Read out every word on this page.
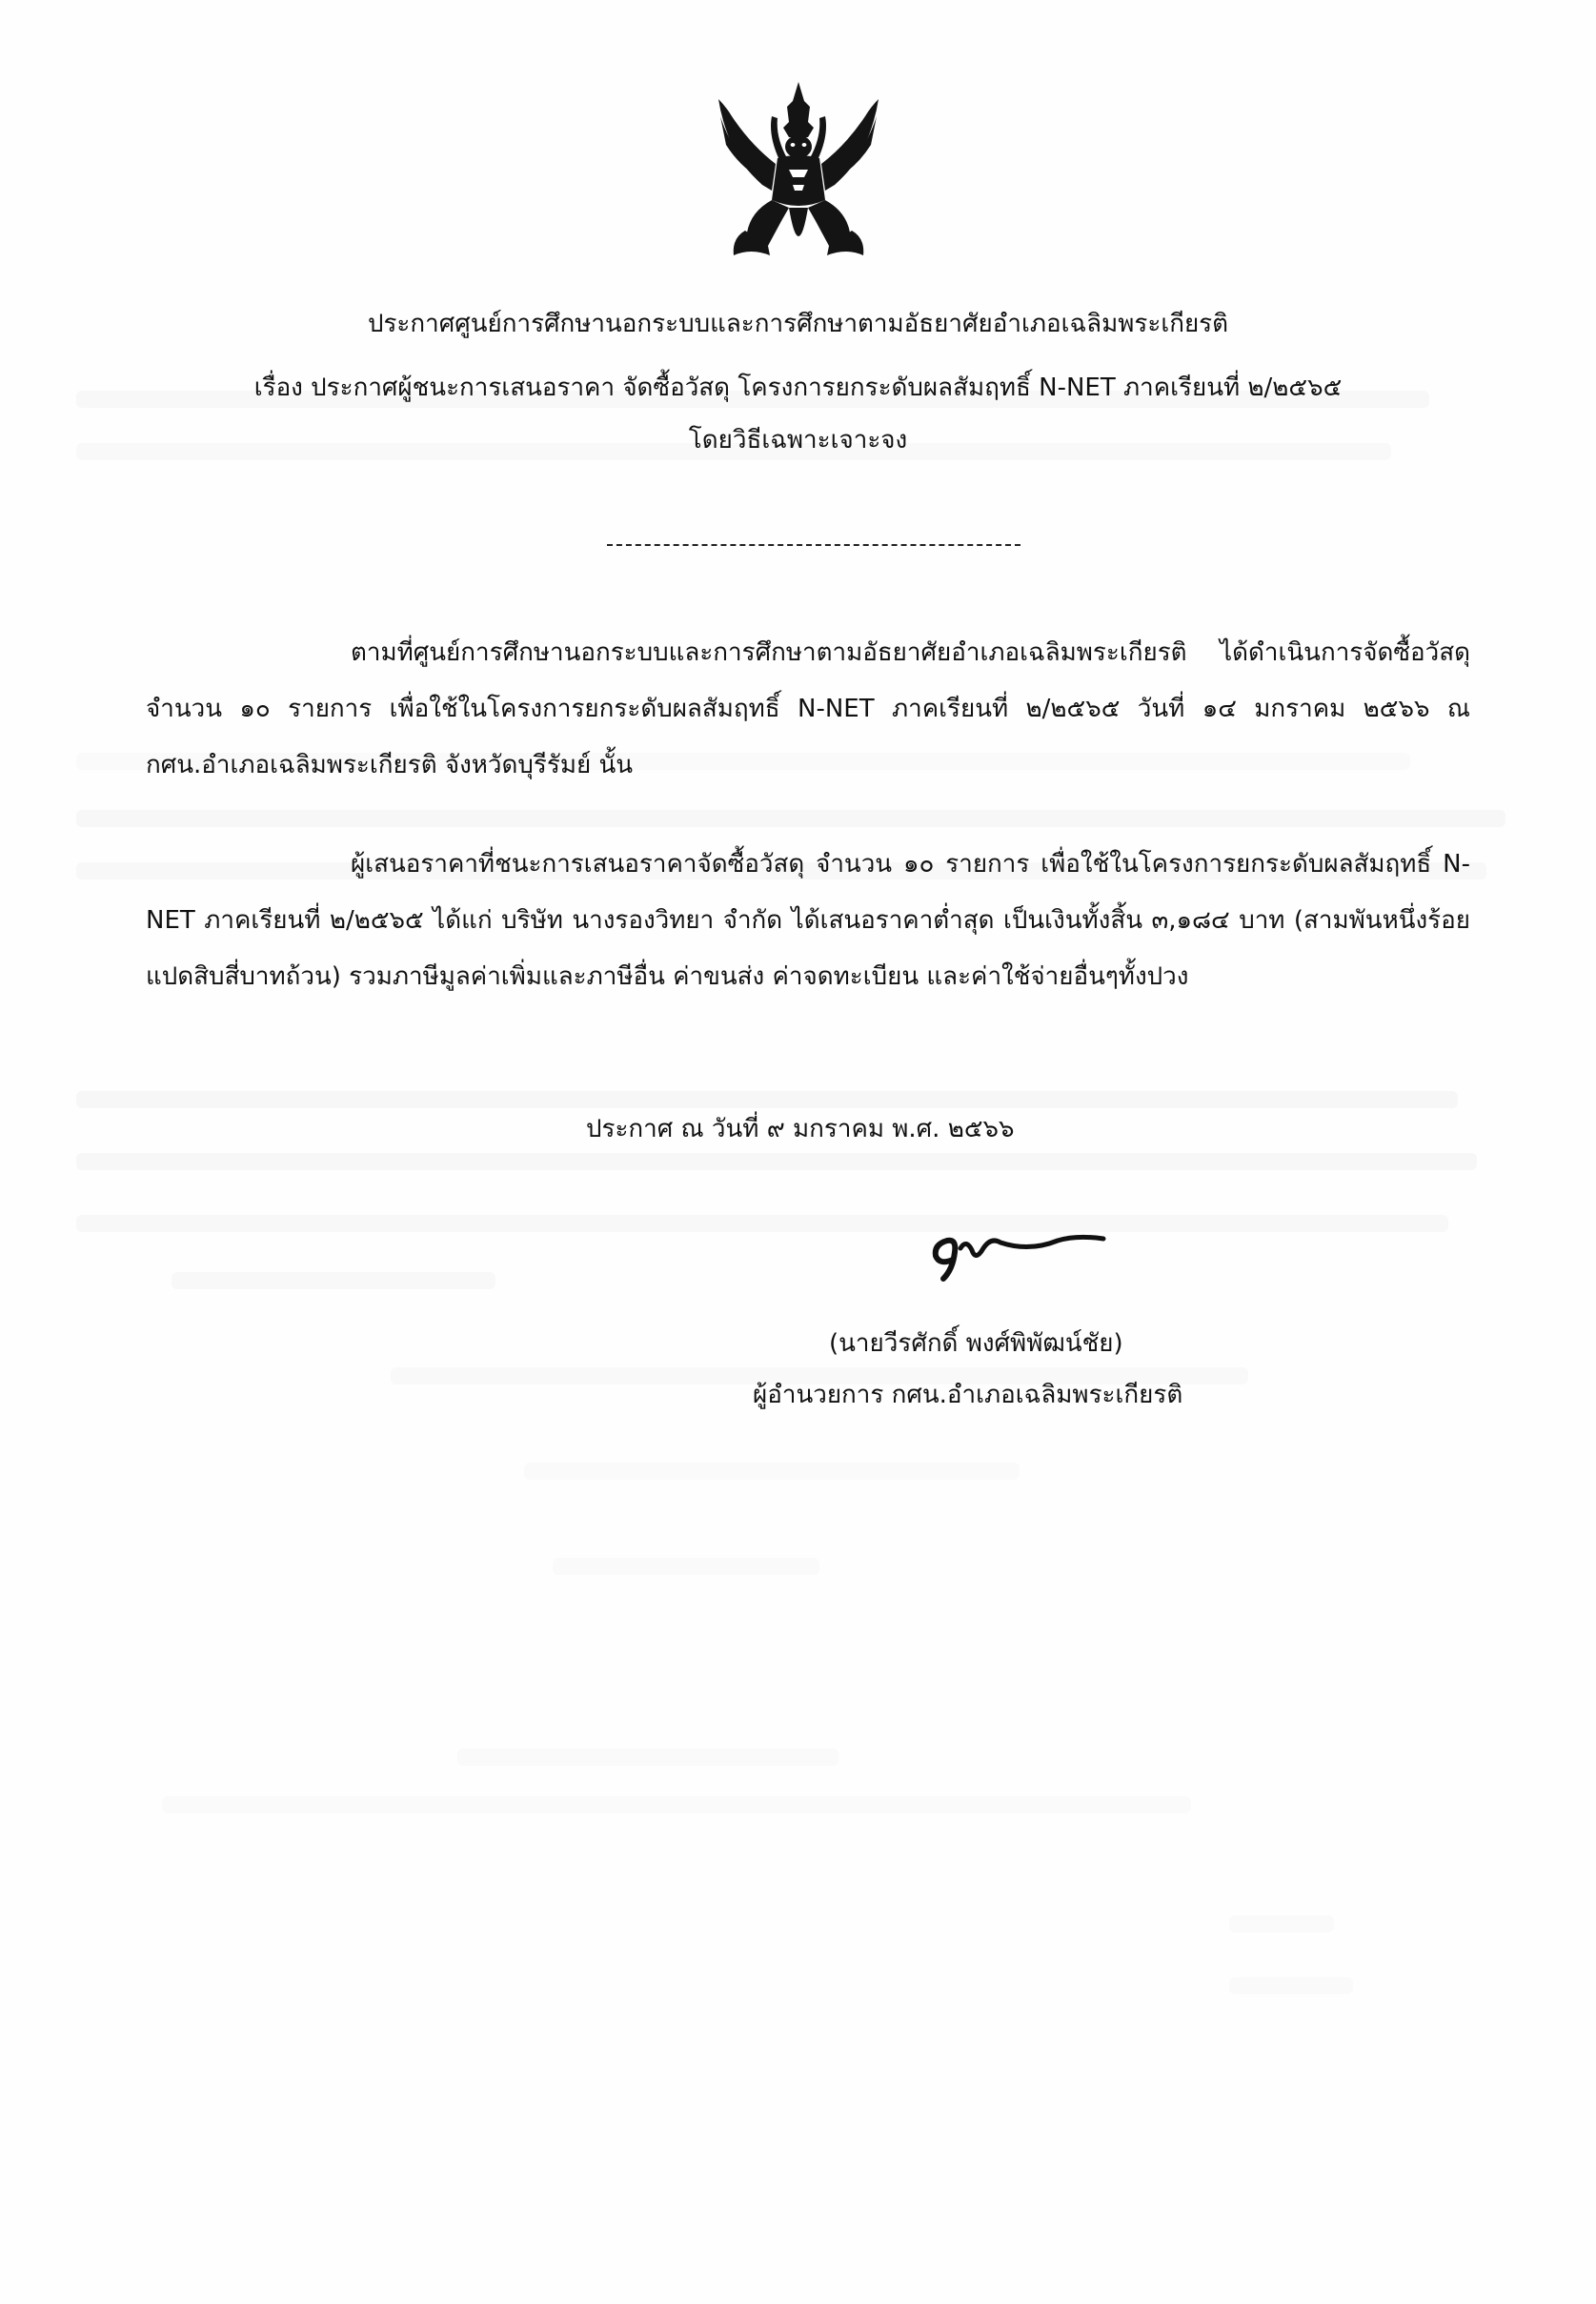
ประกาศศูนย์การศึกษานอกระบบและการศึกษาตามอัธยาศัยอำเภอเฉลิมพระเกียรติ
เรื่อง ประกาศผู้ชนะการเสนอราคา จัดซื้อวัสดุ โครงการยกระดับผลสัมฤทธิ์ N-NET ภาคเรียนที่ ๒/๒๕๖๕
โดยวิธีเฉพาะเจาะจง
ตามที่ศูนย์การศึกษานอกระบบและการศึกษาตามอัธยาศัยอำเภอเฉลิมพระเกียรติ ได้ดำเนินการจัดซื้อวัสดุ จำนวน ๑๐ รายการ เพื่อใช้ในโครงการยกระดับผลสัมฤทธิ์ N-NET ภาคเรียนที่ ๒/๒๕๖๕ วันที่ ๑๔ มกราคม ๒๕๖๖ ณ กศน.อำเภอเฉลิมพระเกียรติ จังหวัดบุรีรัมย์ นั้น
ผู้เสนอราคาที่ชนะการเสนอราคาจัดซื้อวัสดุ จำนวน ๑๐ รายการ เพื่อใช้ในโครงการยกระดับผลสัมฤทธิ์ N-NET ภาคเรียนที่ ๒/๒๕๖๕ ได้แก่ บริษัท นางรองวิทยา จำกัด ได้เสนอราคาต่ำสุด เป็นเงินทั้งสิ้น ๓,๑๘๔ บาท (สามพันหนึ่งร้อยแปดสิบสี่บาทถ้วน) รวมภาษีมูลค่าเพิ่มและภาษีอื่น ค่าขนส่ง ค่าจดทะเบียน และค่าใช้จ่ายอื่นๆทั้งปวง
ประกาศ ณ วันที่ ๙ มกราคม พ.ศ. ๒๕๖๖
(นายวีรศักดิ์ พงศ์พิพัฒน์ชัย)
ผู้อำนวยการ กศน.อำเภอเฉลิมพระเกียรติ
